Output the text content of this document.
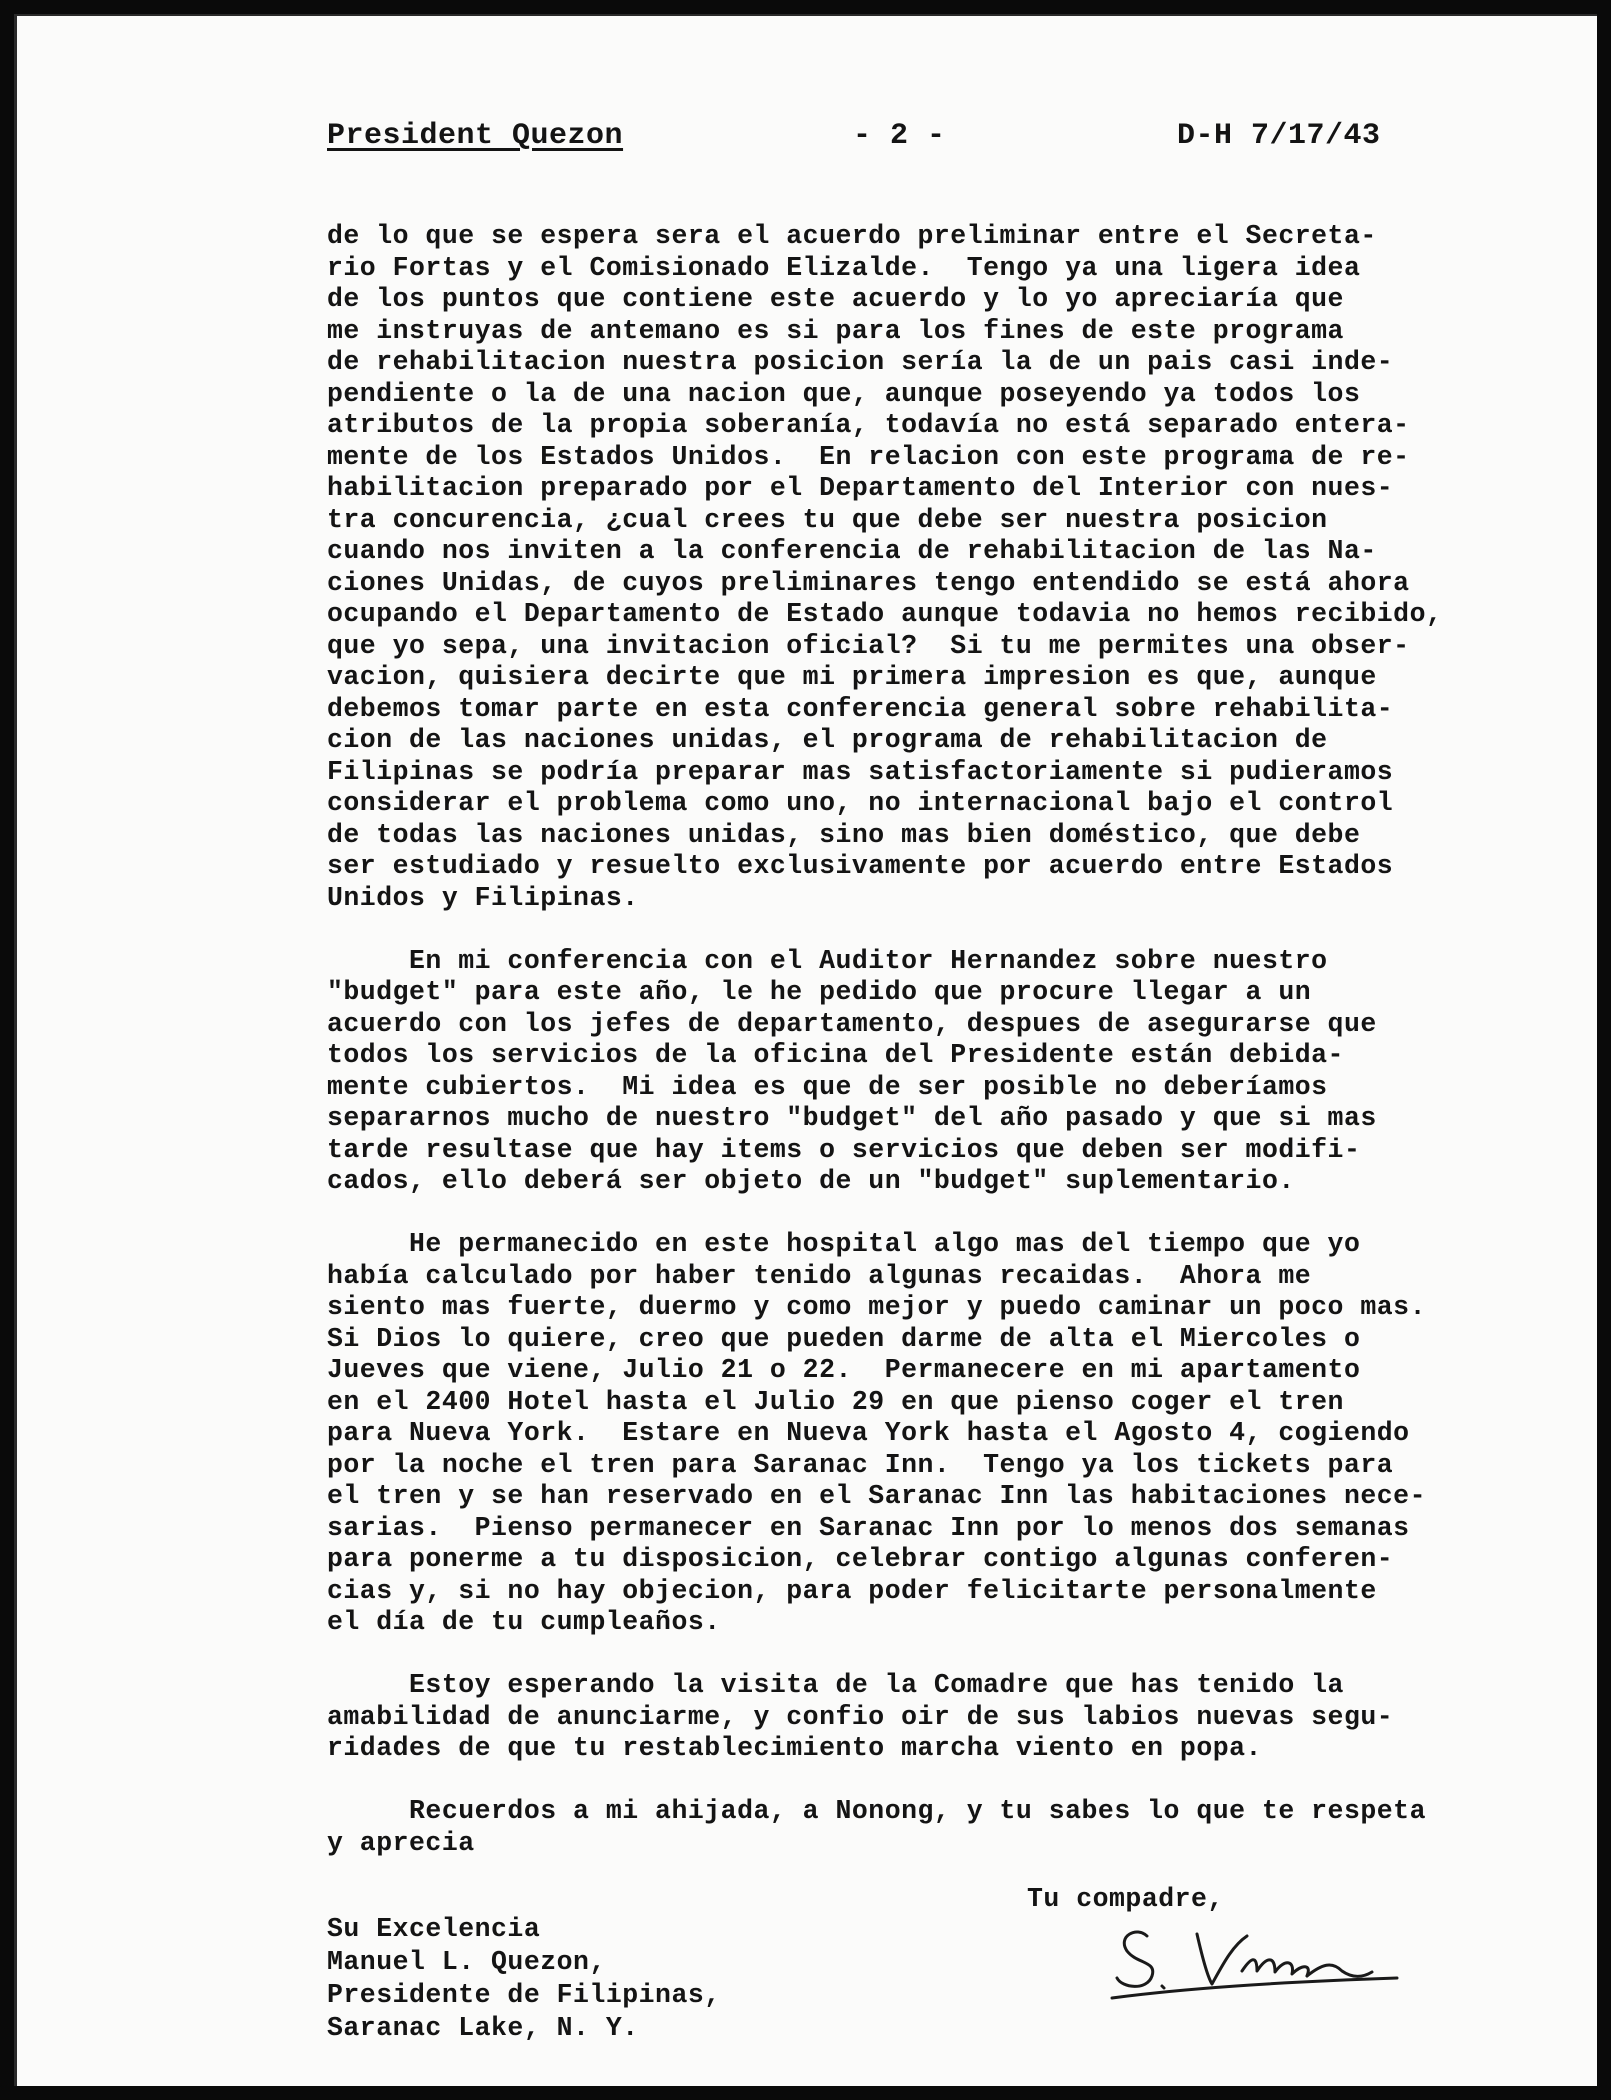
President Quezon	- 2 -	D-H 7/17/43
de lo que se espera sera el acuerdo preliminar entre el Secreta-
rio Fortas y el Comisionado Elizalde.  Tengo ya una ligera idea
de los puntos que contiene este acuerdo y lo yo apreciaría que
me instruyas de antemano es si para los fines de este programa
de rehabilitacion nuestra posicion sería la de un pais casi inde-
pendiente o la de una nacion que, aunque poseyendo ya todos los
atributos de la propia soberanía, todavía no está separado entera-
mente de los Estados Unidos.  En relacion con este programa de re-
habilitacion preparado por el Departamento del Interior con nues-
tra concurencia, ¿cual crees tu que debe ser nuestra posicion
cuando nos inviten a la conferencia de rehabilitacion de las Na-
ciones Unidas, de cuyos preliminares tengo entendido se está ahora
ocupando el Departamento de Estado aunque todavia no hemos recibido,
que yo sepa, una invitacion oficial?  Si tu me permites una obser-
vacion, quisiera decirte que mi primera impresion es que, aunque
debemos tomar parte en esta conferencia general sobre rehabilita-
cion de las naciones unidas, el programa de rehabilitacion de
Filipinas se podría preparar mas satisfactoriamente si pudieramos
considerar el problema como uno, no internacional bajo el control
de todas las naciones unidas, sino mas bien doméstico, que debe
ser estudiado y resuelto exclusivamente por acuerdo entre Estados
Unidos y Filipinas.
En mi conferencia con el Auditor Hernandez sobre nuestro
"budget" para este año, le he pedido que procure llegar a un
acuerdo con los jefes de departamento, despues de asegurarse que
todos los servicios de la oficina del Presidente están debida-
mente cubiertos.  Mi idea es que de ser posible no deberíamos
separarnos mucho de nuestro "budget" del año pasado y que si mas
tarde resultase que hay items o servicios que deben ser modifi-
cados, ello deberá ser objeto de un "budget" suplementario.
He permanecido en este hospital algo mas del tiempo que yo
había calculado por haber tenido algunas recaidas.  Ahora me
siento mas fuerte, duermo y como mejor y puedo caminar un poco mas.
Si Dios lo quiere, creo que pueden darme de alta el Miercoles o
Jueves que viene, Julio 21 o 22.  Permanecere en mi apartamento
en el 2400 Hotel hasta el Julio 29 en que pienso coger el tren
para Nueva York.  Estare en Nueva York hasta el Agosto 4, cogiendo
por la noche el tren para Saranac Inn.  Tengo ya los tickets para
el tren y se han reservado en el Saranac Inn las habitaciones nece-
sarias.  Pienso permanecer en Saranac Inn por lo menos dos semanas
para ponerme a tu disposicion, celebrar contigo algunas conferen-
cias y, si no hay objecion, para poder felicitarte personalmente
el día de tu cumpleaños.
Estoy esperando la visita de la Comadre que has tenido la
amabilidad de anunciarme, y confio oir de sus labios nuevas segu-
ridades de que tu restablecimiento marcha viento en popa.
Recuerdos a mi ahijada, a Nonong, y tu sabes lo que te respeta
y aprecia
Tu compadre,
Su Excelencia
Manuel L. Quezon,
Presidente de Filipinas,
Saranac Lake, N. Y.
